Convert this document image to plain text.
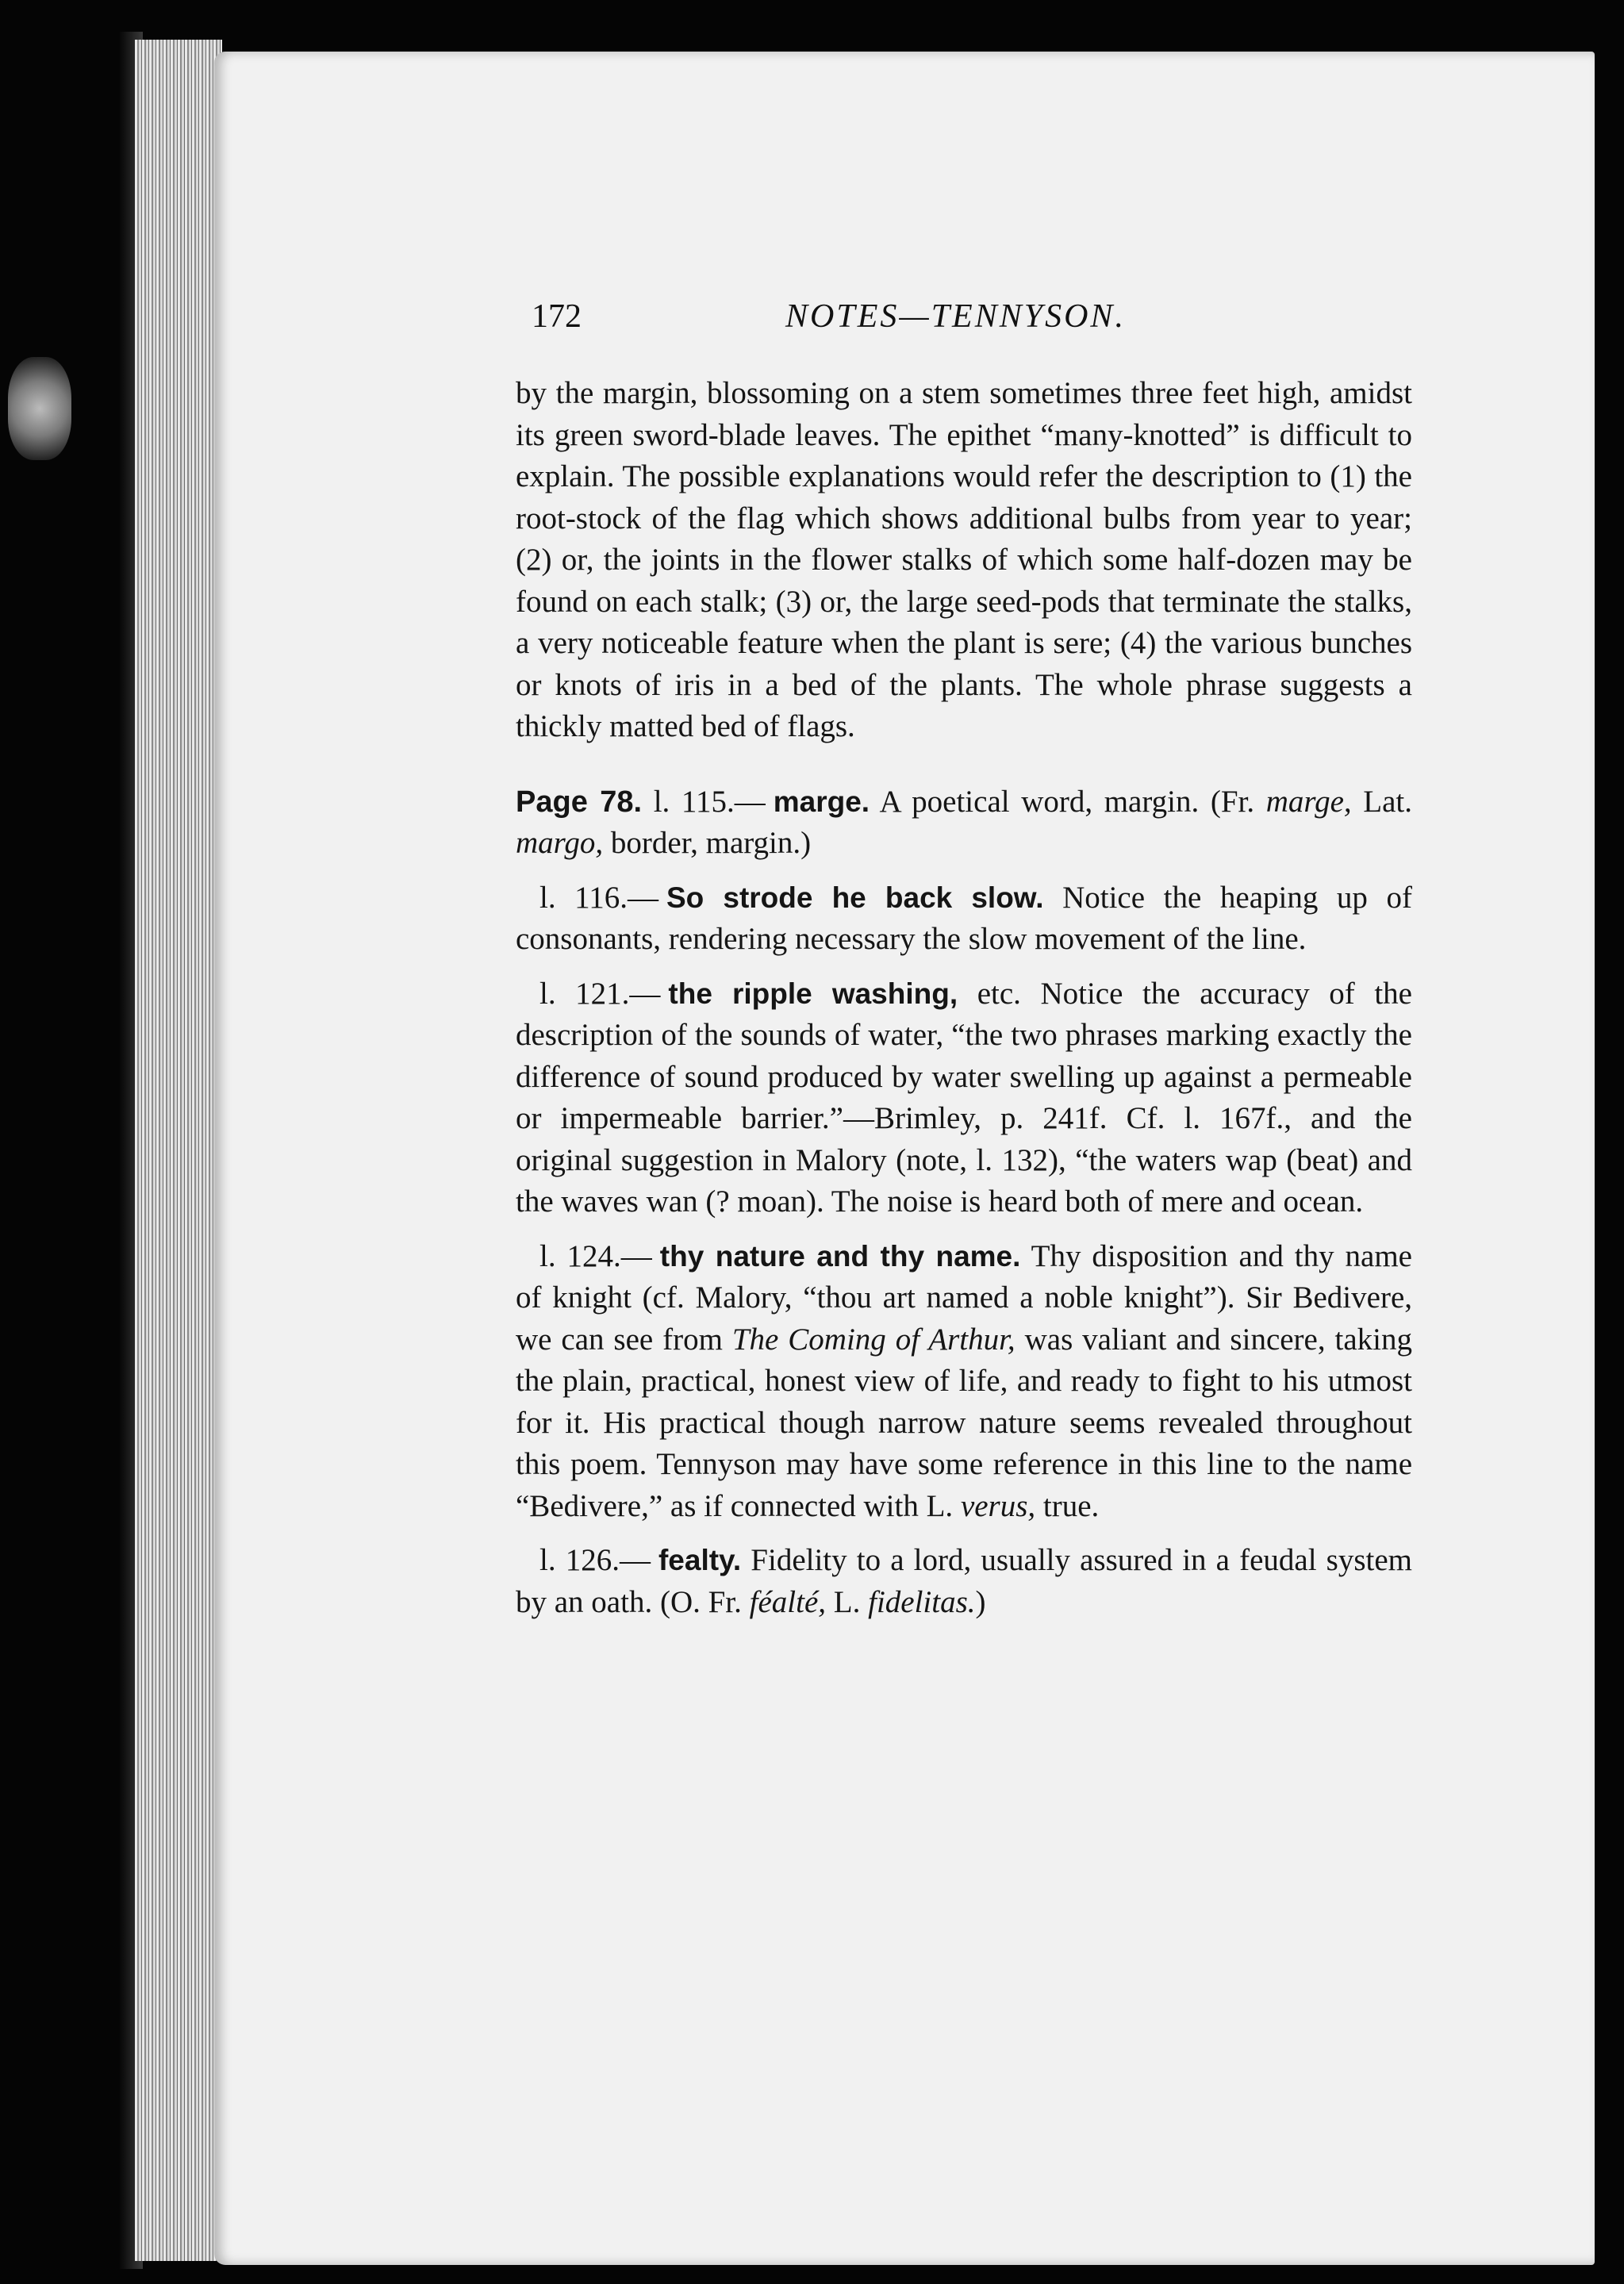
172	NOTES—TENNYSON.

by the margin, blossoming on a stem sometimes three feet high, amidst its green sword-blade leaves. The epithet “many-knotted” is difficult to explain. The possible explanations would refer the description to (1) the root-stock of the flag which shows additional bulbs from year to year; (2) or, the joints in the flower stalks of which some half-dozen may be found on each stalk; (3) or, the large seed-pods that terminate the stalks, a very noticeable feature when the plant is sere; (4) the various bunches or knots of iris in a bed of the plants. The whole phrase suggests a thickly matted bed of flags.

Page 78. l. 115.— marge. A poetical word, margin. (Fr. marge, Lat. margo, border, margin.)

l. 116.— So strode he back slow. Notice the heaping up of consonants, rendering necessary the slow movement of the line.

l. 121.— the ripple washing, etc. Notice the accuracy of the description of the sounds of water, “the two phrases marking exactly the difference of sound produced by water swelling up against a permeable or impermeable barrier.”—Brimley, p. 241f. Cf. l. 167f., and the original suggestion in Malory (note, l. 132), “the waters wap (beat) and the waves wan (? moan). The noise is heard both of mere and ocean.

l. 124.— thy nature and thy name. Thy disposition and thy name of knight (cf. Malory, “thou art named a noble knight”). Sir Bedivere, we can see from The Coming of Arthur, was valiant and sincere, taking the plain, practical, honest view of life, and ready to fight to his utmost for it. His practical though narrow nature seems revealed throughout this poem. Tennyson may have some reference in this line to the name “Bedivere,” as if connected with L. verus, true.

l. 126.— fealty. Fidelity to a lord, usually assured in a feudal system by an oath. (O. Fr. féalté, L. fidelitas.)
